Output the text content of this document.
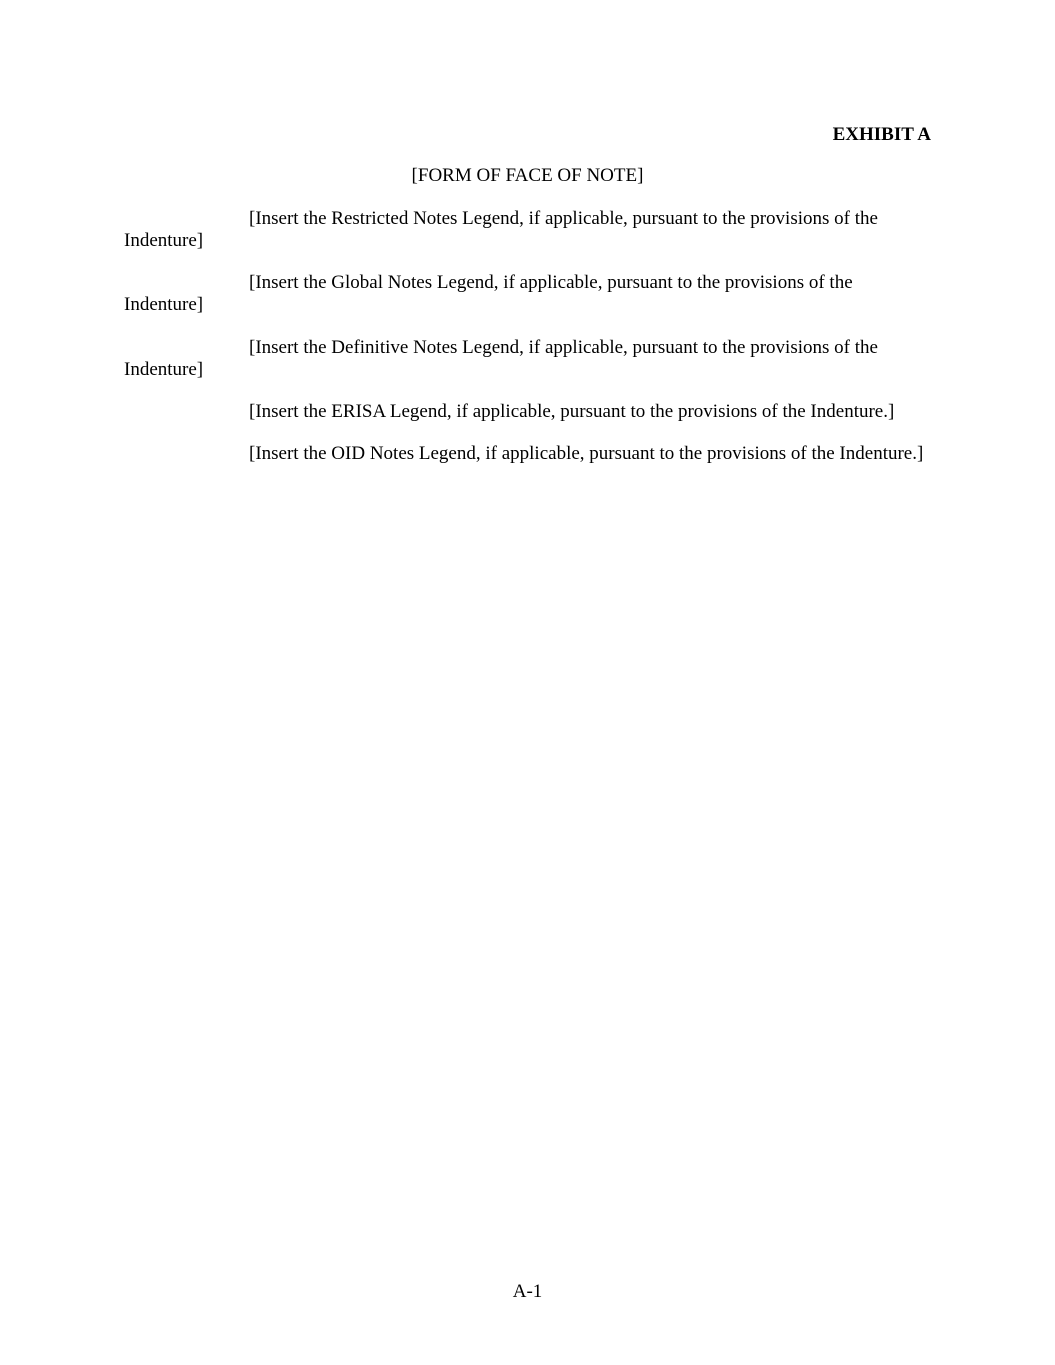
EXHIBIT A
[FORM OF FACE OF NOTE]
[Insert the Restricted Notes Legend, if applicable, pursuant to the provisions of the
Indenture]
[Insert the Global Notes Legend, if applicable, pursuant to the provisions of the
Indenture]
[Insert the Definitive Notes Legend, if applicable, pursuant to the provisions of the
Indenture]
[Insert the ERISA Legend, if applicable, pursuant to the provisions of the Indenture.]
[Insert the OID Notes Legend, if applicable, pursuant to the provisions of the Indenture.]
A-1
